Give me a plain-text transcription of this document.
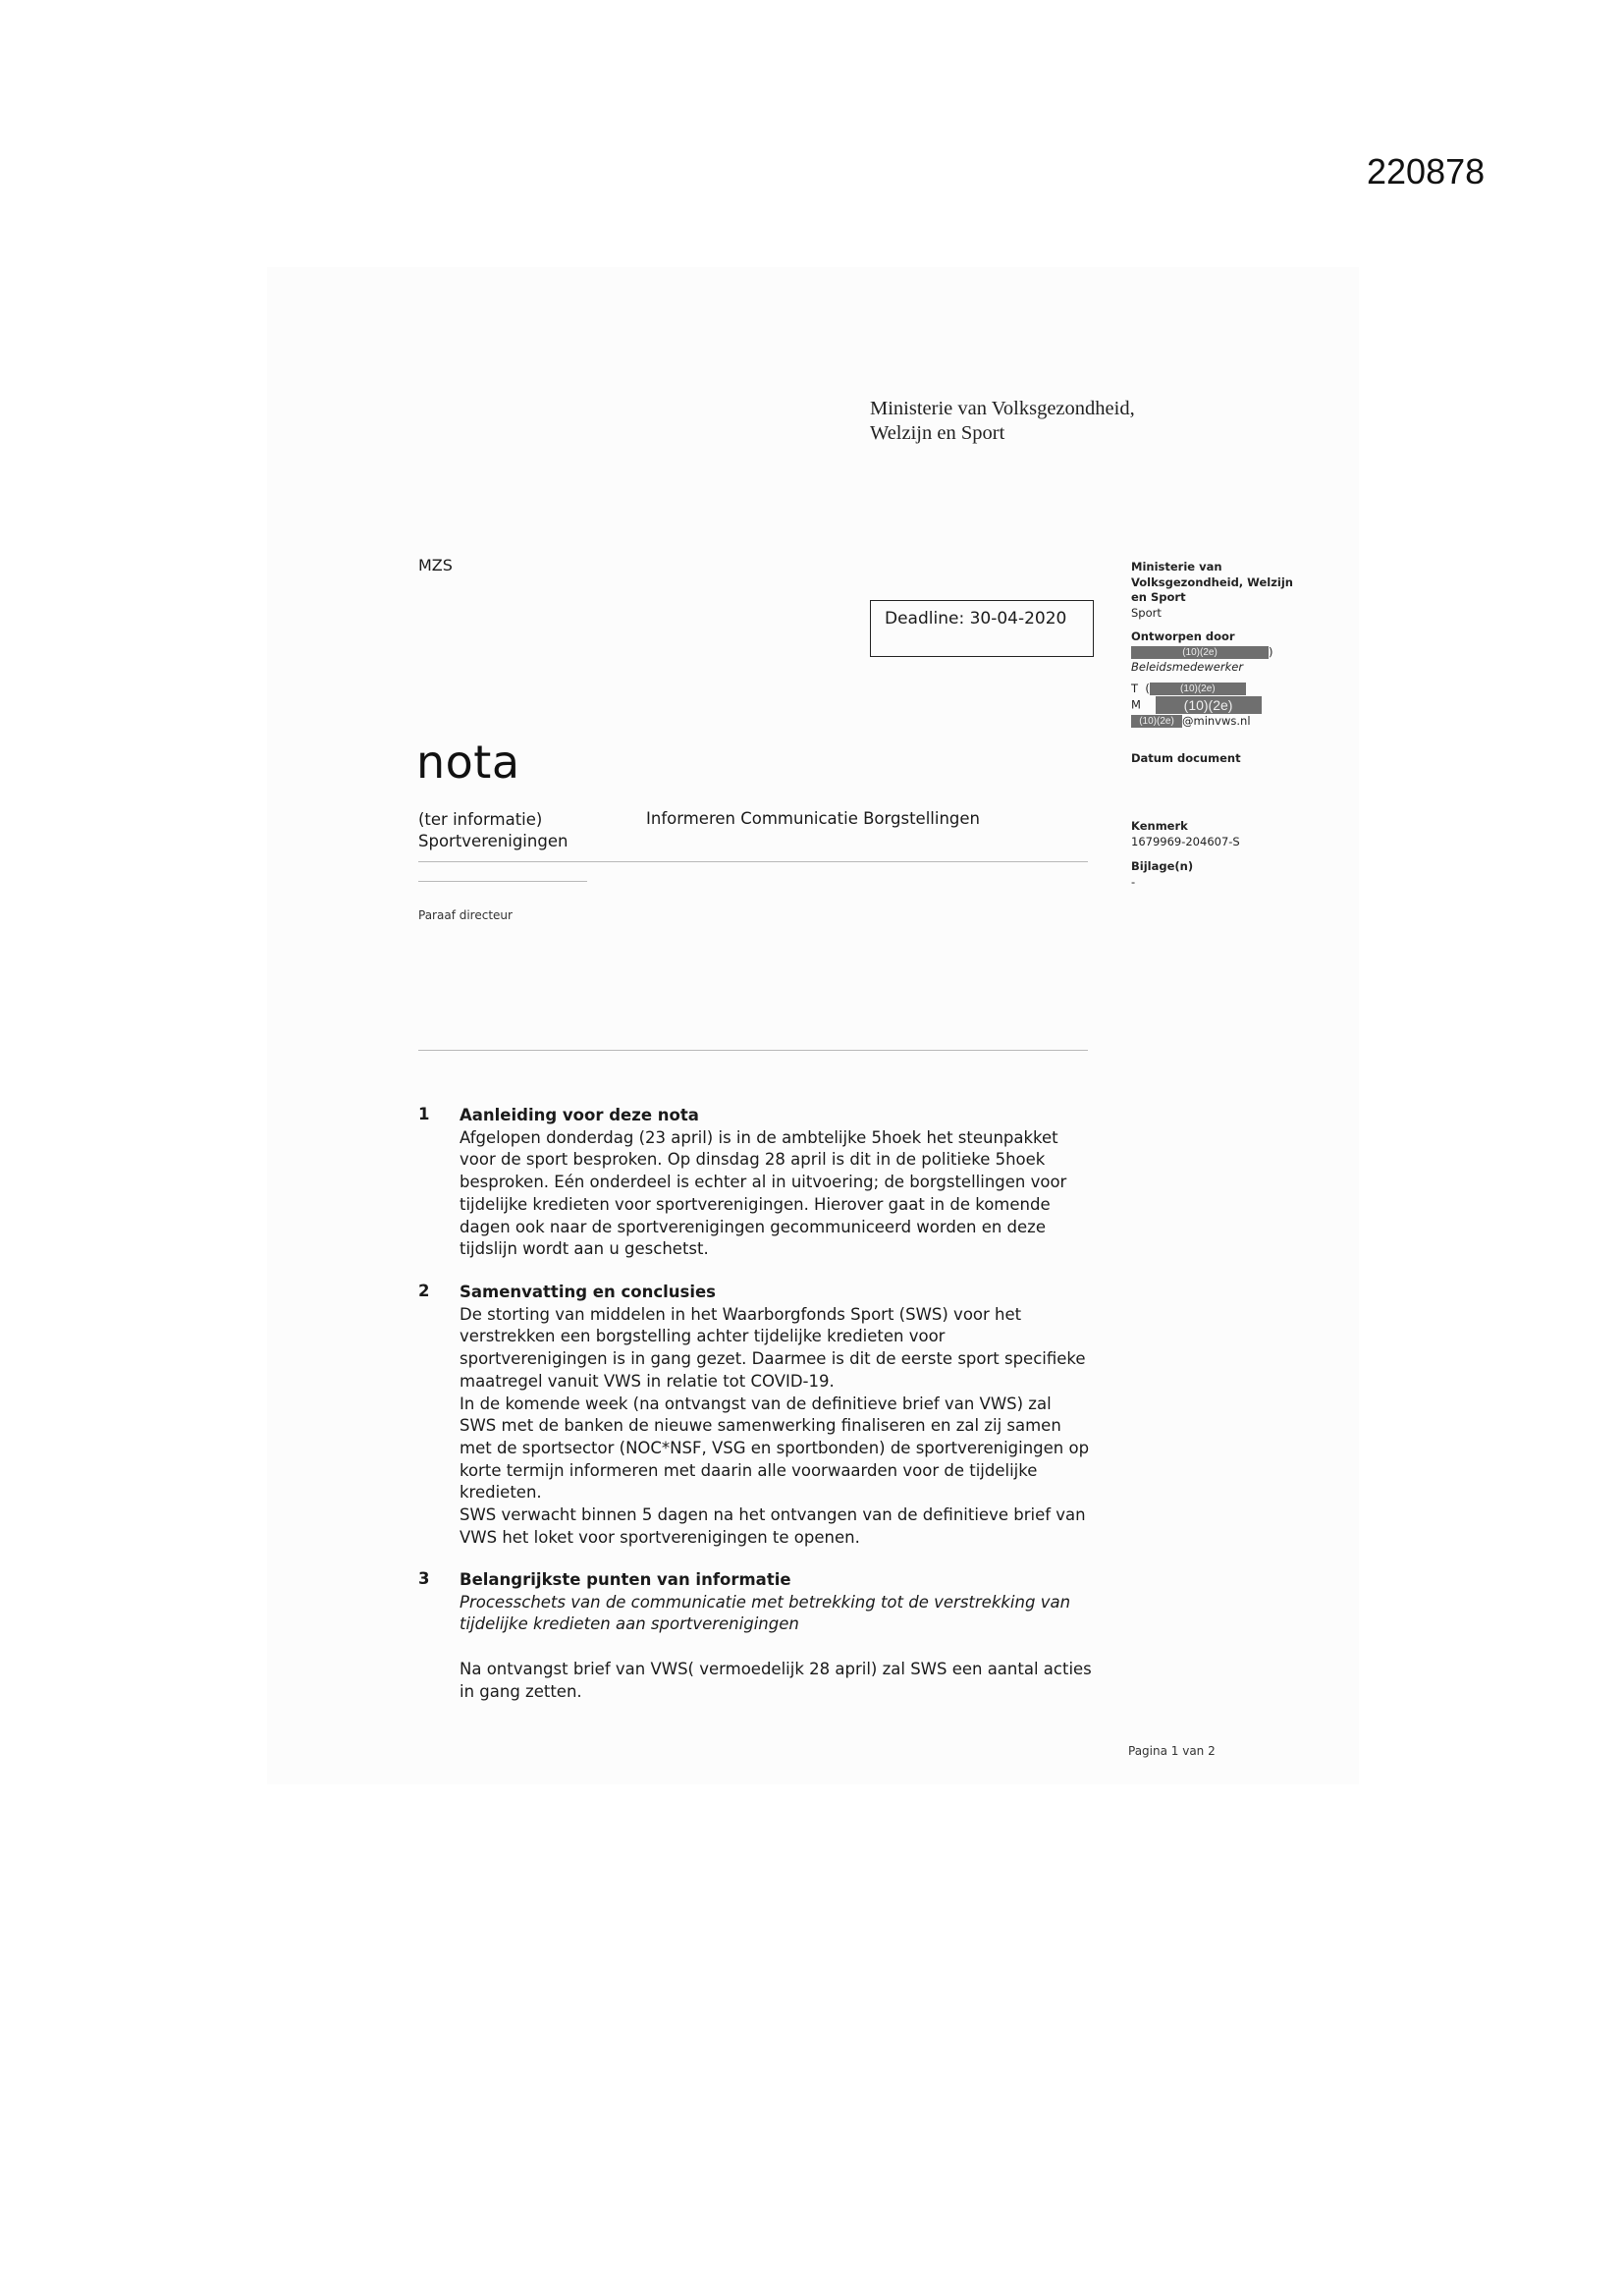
220878
Ministerie van Volksgezondheid,
Welzijn en Sport
MZS
Deadline: 30-04-2020
nota
(ter informatie)
Sportverenigingen
Informeren Communicatie Borgstellingen
Paraaf directeur
1 Aanleiding voor deze nota
Afgelopen donderdag (23 april) is in de ambtelijke 5hoek het steunpakket
voor de sport besproken. Op dinsdag 28 april is dit in de politieke 5hoek
besproken. Eén onderdeel is echter al in uitvoering; de borgstellingen voor
tijdelijke kredieten voor sportverenigingen. Hierover gaat in de komende
dagen ook naar de sportverenigingen gecommuniceerd worden en deze
tijdslijn wordt aan u geschetst.
2 Samenvatting en conclusies
De storting van middelen in het Waarborgfonds Sport (SWS) voor het
verstrekken een borgstelling achter tijdelijke kredieten voor
sportverenigingen is in gang gezet. Daarmee is dit de eerste sport specifieke
maatregel vanuit VWS in relatie tot COVID-19.
In de komende week (na ontvangst van de definitieve brief van VWS) zal
SWS met de banken de nieuwe samenwerking finaliseren en zal zij samen
met de sportsector (NOC*NSF, VSG en sportbonden) de sportverenigingen op
korte termijn informeren met daarin alle voorwaarden voor de tijdelijke
kredieten.
SWS verwacht binnen 5 dagen na het ontvangen van de definitieve brief van
VWS het loket voor sportverenigingen te openen.
3 Belangrijkste punten van informatie
Processchets van de communicatie met betrekking tot de verstrekking van
tijdelijke kredieten aan sportverenigingen
Na ontvangst brief van VWS( vermoedelijk 28 april) zal SWS een aantal acties
in gang zetten.
Ministerie van
Volksgezondheid, Welzijn
en Sport
Sport
Ontworpen door
(10)(2e)	)
Beleidsmedewerker
T  (	(10)(2e)
M	(10)(2e)
(10)(2e) @minvws.nl
Datum document
Kenmerk
1679969-204607-S
Bijlage(n)
-
Pagina 1 van 2
